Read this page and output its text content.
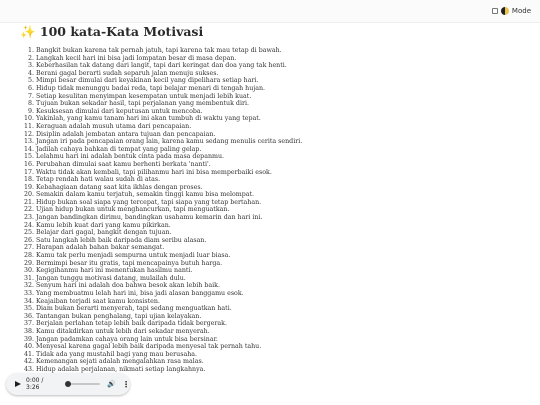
Mode
✨ 100 kata-Kata Motivasi
1. Bangkit bukan karena tak pernah jatuh, tapi karena tak mau tetap di bawah.
2. Langkah kecil hari ini bisa jadi lompatan besar di masa depan.
3. Keberhasilan tak datang dari langit, tapi dari keringat dan doa yang tak henti.
4. Berani gagal berarti sudah separuh jalan menuju sukses.
5. Mimpi besar dimulai dari keyakinan kecil yang dipelihara setiap hari.
6. Hidup tidak menunggu badai reda, tapi belajar menari di tengah hujan.
7. Setiap kesulitan menyimpan kesempatan untuk menjadi lebih kuat.
8. Tujuan bukan sekadar hasil, tapi perjalanan yang membentuk diri.
9. Kesuksesan dimulai dari keputusan untuk mencoba.
10. Yakinlah, yang kamu tanam hari ini akan tumbuh di waktu yang tepat.
11. Keraguan adalah musuh utama dari pencapaian.
12. Disiplin adalah jembatan antara tujuan dan pencapaian.
13. Jangan iri pada pencapaian orang lain, karena kamu sedang menulis cerita sendiri.
14. Jadilah cahaya bahkan di tempat yang paling gelap.
15. Lelahmu hari ini adalah bentuk cinta pada masa depanmu.
16. Perubahan dimulai saat kamu berhenti berkata 'nanti'.
17. Waktu tidak akan kembali, tapi pilihanmu hari ini bisa memperbaiki esok.
18. Tetap rendah hati walau sudah di atas.
19. Kebahagiaan datang saat kita ikhlas dengan proses.
20. Semakin dalam kamu terjatuh, semakin tinggi kamu bisa melompat.
21. Hidup bukan soal siapa yang tercepat, tapi siapa yang tetap bertahan.
22. Ujian hidup bukan untuk menghancurkan, tapi menguatkan.
23. Jangan bandingkan dirimu, bandingkan usahamu kemarin dan hari ini.
24. Kamu lebih kuat dari yang kamu pikirkan.
25. Belajar dari gagal, bangkit dengan tujuan.
26. Satu langkah lebih baik daripada diam seribu alasan.
27. Harapan adalah bahan bakar semangat.
28. Kamu tak perlu menjadi sempurna untuk menjadi luar biasa.
29. Bermimpi besar itu gratis, tapi mencapainya butuh harga.
30. Kegigihanmu hari ini menentukan hasilmu nanti.
31. Jangan tunggu motivasi datang, mulailah dulu.
32. Senyum hari ini adalah doa bahwa besok akan lebih baik.
33. Yang membuatmu lelah hari ini, bisa jadi alasan banggamu esok.
34. Keajaiban terjadi saat kamu konsisten.
35. Diam bukan berarti menyerah, tapi sedang menguatkan hati.
36. Tantangan bukan penghalang, tapi ujian kelayakan.
37. Berjalan perlahan tetap lebih baik daripada tidak bergerak.
38. Kamu ditakdirkan untuk lebih dari sekadar menyerah.
39. Jangan padamkan cahaya orang lain untuk bisa bersinar.
40. Menyesal karena gagal lebih baik daripada menyesal tak pernah tahu.
41. Tidak ada yang mustahil bagi yang mau berusaha.
42. Kemenangan sejati adalah mengalahkan rasa malas.
43. Hidup adalah perjalanan, nikmati setiap langkahnya.
0:00 / 3:26	🔊 ⋮
